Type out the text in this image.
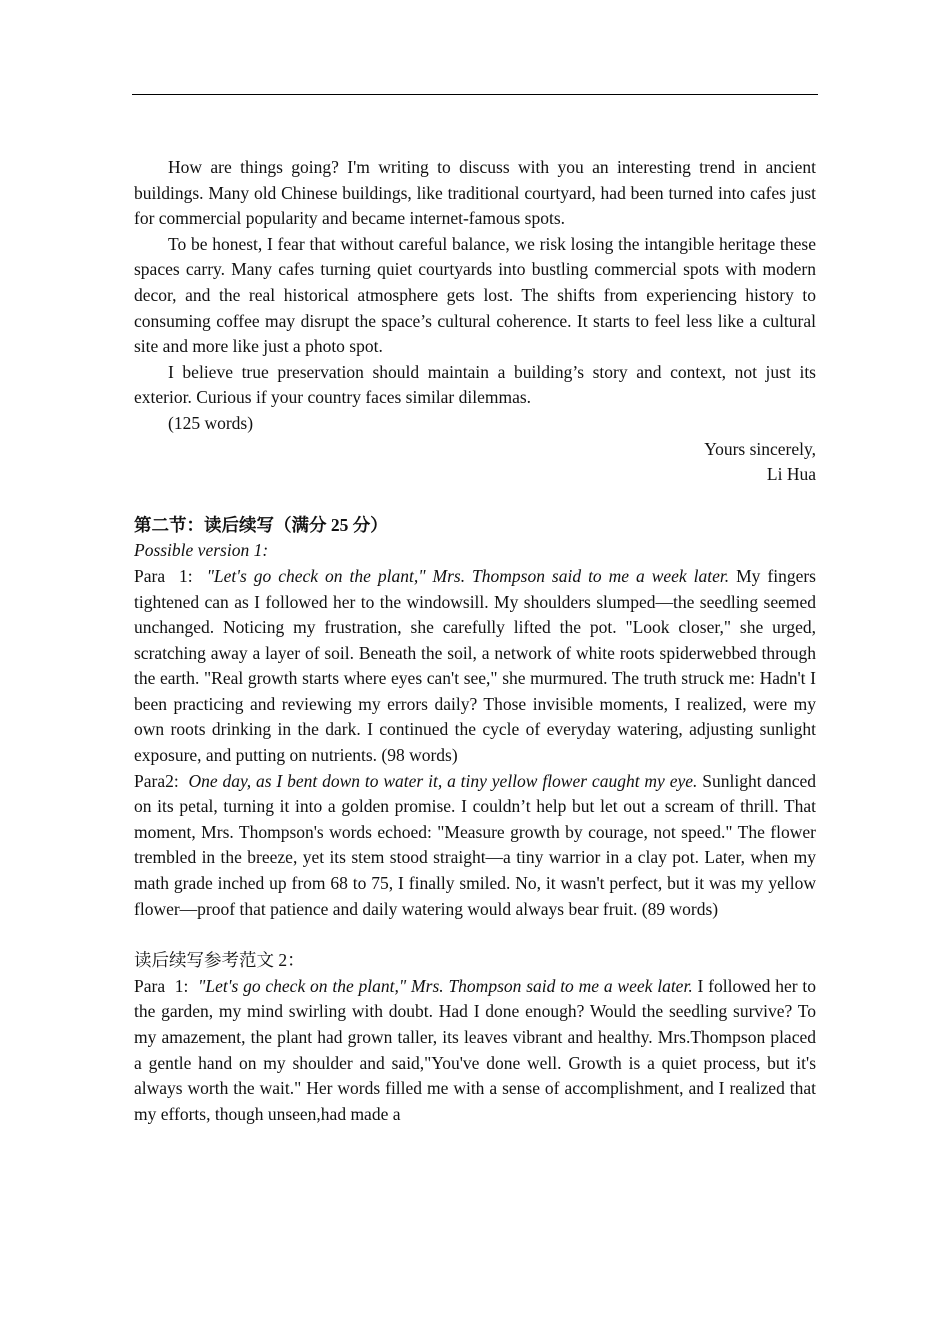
How are things going? I'm writing to discuss with you an interesting trend in ancient buildings. Many old Chinese buildings, like traditional courtyard, had been turned into cafes just for commercial popularity and became internet-famous spots.

To be honest, I fear that without careful balance, we risk losing the intangible heritage these spaces carry. Many cafes turning quiet courtyards into bustling commercial spots with modern decor, and the real historical atmosphere gets lost. The shifts from experiencing history to consuming coffee may disrupt the space’s cultural coherence. It starts to feel less like a cultural site and more like just a photo spot.

I believe true preservation should maintain a building’s story and context, not just its exterior. Curious if your country faces similar dilemmas.

(125 words)

Yours sincerely,

Li Hua

第二节：读后续写（满分 25 分）

Possible version 1:

Para  1:  "Let's go check on the plant," Mrs. Thompson said to me a week later. My fingers tightened can as I followed her to the windowsill. My shoulders slumped—the seedling seemed unchanged. Noticing my frustration, she carefully lifted the pot. "Look closer," she urged, scratching away a layer of soil. Beneath the soil, a network of white roots spiderwebbed through the earth. "Real growth starts where eyes can't see," she murmured. The truth struck me: Hadn't I been practicing and reviewing my errors daily? Those invisible moments, I realized, were my own roots drinking in the dark. I continued the cycle of everyday watering, adjusting sunlight exposure, and putting on nutrients. (98 words)

Para2:  One day, as I bent down to water it, a tiny yellow flower caught my eye. Sunlight danced on its petal, turning it into a golden promise. I couldn’t help but let out a scream of thrill. That moment, Mrs. Thompson's words echoed: "Measure growth by courage, not speed." The flower trembled in the breeze, yet its stem stood straight—a tiny warrior in a clay pot. Later, when my math grade inched up from 68 to 75, I finally smiled. No, it wasn't perfect, but it was my yellow flower—proof that patience and daily watering would always bear fruit. (89 words)

读后续写参考范文 2：

Para  1:  "Let's go check on the plant," Mrs. Thompson said to me a week later. I followed her to the garden, my mind swirling with doubt. Had I done enough? Would the seedling survive? To my amazement, the plant had grown taller, its leaves vibrant and healthy. Mrs.Thompson placed a gentle hand on my shoulder and said,"You've done well. Growth is a quiet process, but it's always worth the wait." Her words filled me with a sense of accomplishment, and I realized that my efforts, though unseen,had made a
